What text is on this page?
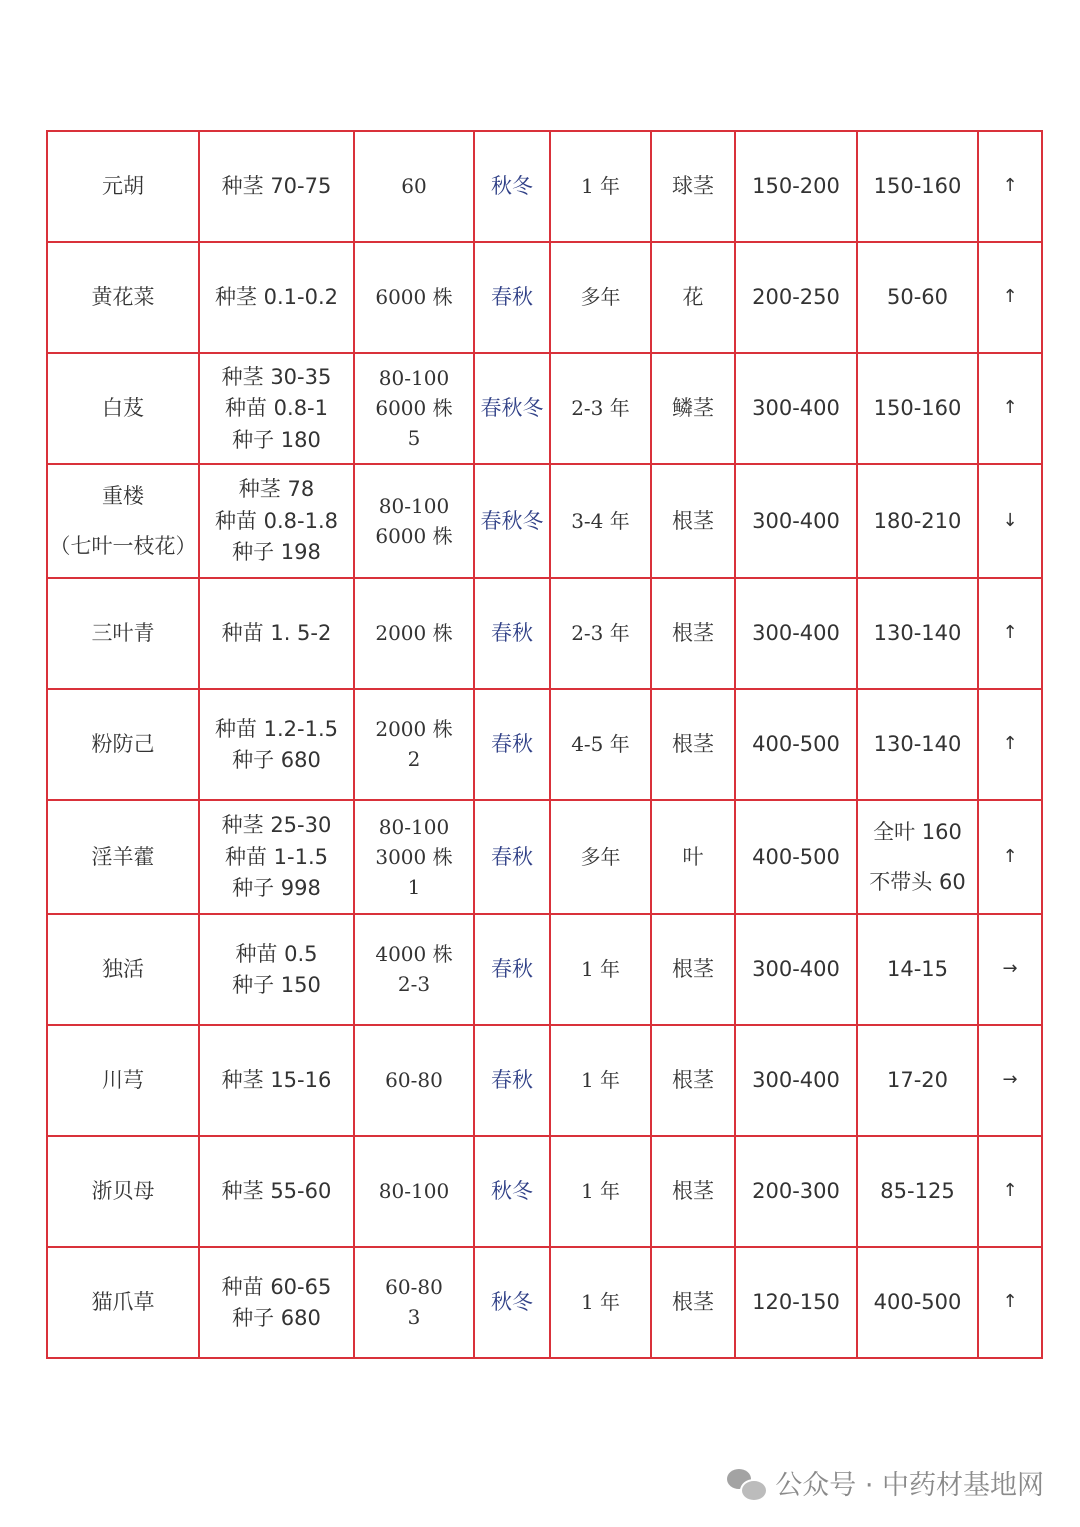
元胡	种茎 70-75	60	秋冬	1 年	球茎	150-200	150-160	↑

黄花菜	种茎 0.1-0.2	6000 株	春秋	多年	花	200-250	50-60	↑

白芨	种茎 30-35
种苗 0.8-1
种子 180	80-100
6000 株
5	春秋冬	2-3 年	鳞茎	300-400	150-160	↑

重楼
（七叶一枝花）	种茎 78
种苗 0.8-1.8
种子 198	80-100
6000 株	春秋冬	3-4 年	根茎	300-400	180-210	↓

三叶青	种苗 1. 5-2	2000 株	春秋	2-3 年	根茎	300-400	130-140	↑

粉防己	种苗 1.2-1.5
种子 680	2000 株
2	春秋	4-5 年	根茎	400-500	130-140	↑

淫羊藿	种茎 25-30
种苗 1-1.5
种子 998	80-100
3000 株
1	春秋	多年	叶	400-500	全叶 160
不带头 60	↑

独活	种苗 0.5
种子 150	4000 株
2-3	春秋	1 年	根茎	300-400	14-15	→

川芎	种茎 15-16	60-80	春秋	1 年	根茎	300-400	17-20	→

浙贝母	种茎 55-60	80-100	秋冬	1 年	根茎	200-300	85-125	↑

猫爪草	种苗 60-65
种子 680	60-80
3	秋冬	1 年	根茎	120-150	400-500	↑
公众号 · 中药材基地网
